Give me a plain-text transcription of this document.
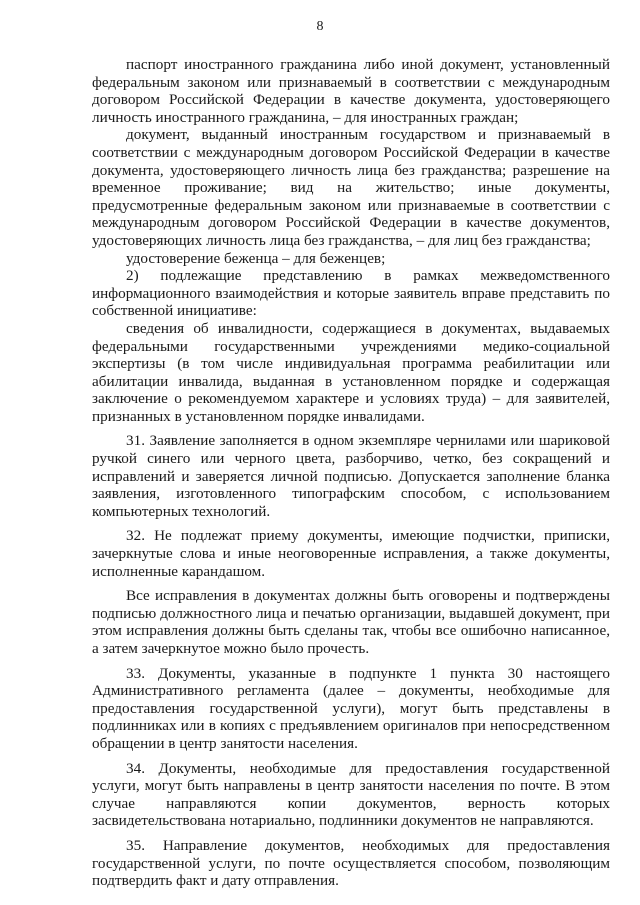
8

паспорт иностранного гражданина либо иной документ, установленный федеральным законом или признаваемый в соответствии с международным договором Российской Федерации в качестве документа, удостоверяющего личность иностранного гражданина, – для иностранных граждан;

документ, выданный иностранным государством и признаваемый в соответствии с международным договором Российской Федерации в качестве документа, удостоверяющего личность лица без гражданства; разрешение на временное проживание; вид на жительство; иные документы, предусмотренные федеральным законом или признаваемые в соответствии с международным договором Российской Федерации в качестве документов, удостоверяющих личность лица без гражданства, – для лиц без гражданства;

удостоверение беженца – для беженцев;

2) подлежащие представлению в рамках межведомственного информационного взаимодействия и которые заявитель вправе представить по собственной инициативе:

сведения об инвалидности, содержащиеся в документах, выдаваемых федеральными государственными учреждениями медико-социальной экспертизы (в том числе индивидуальная программа реабилитации или абилитации инвалида, выданная в установленном порядке и содержащая заключение о рекомендуемом характере и условиях труда) – для заявителей, признанных в установленном порядке инвалидами.

31. Заявление заполняется в одном экземпляре чернилами или шариковой ручкой синего или черного цвета, разборчиво, четко, без сокращений и исправлений и заверяется личной подписью. Допускается заполнение бланка заявления, изготовленного типографским способом, с использованием компьютерных технологий.

32. Не подлежат приему документы, имеющие подчистки, приписки, зачеркнутые слова и иные неоговоренные исправления, а также документы, исполненные карандашом.

Все исправления в документах должны быть оговорены и подтверждены подписью должностного лица и печатью организации, выдавшей документ, при этом исправления должны быть сделаны так, чтобы все ошибочно написанное, а затем зачеркнутое можно было прочесть.

33. Документы, указанные в подпункте 1 пункта 30 настоящего Административного регламента (далее – документы, необходимые для предоставления государственной услуги), могут быть представлены в подлинниках или в копиях с предъявлением оригиналов при непосредственном обращении в центр занятости населения.

34. Документы, необходимые для предоставления государственной услуги, могут быть направлены в центр занятости населения по почте. В этом случае направляются копии документов, верность которых засвидетельствована нотариально, подлинники документов не направляются.

35. Направление документов, необходимых для предоставления государственной услуги, по почте осуществляется способом, позволяющим подтвердить факт и дату отправления.
